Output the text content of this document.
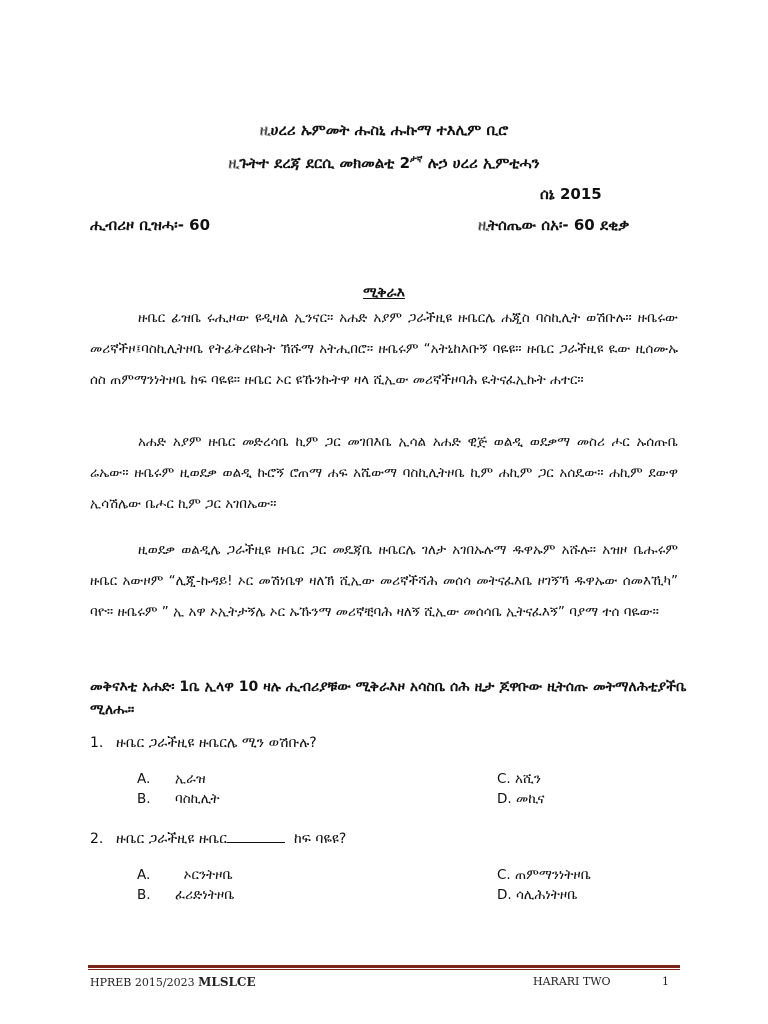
ዚሀረሪ ኡምመት ሑስኒ ሑኩማ ተእሊም ቢሮ
ዚጉትተ ደረጃ ደርሲ መክመልቲ $2^{ታኛ}$ ሉኃ ሀረሪ ኢምቲሓን
ሰኔ 2015
ሒብሪዞ ቢዝሓ፡- 60	ዚትሰጤው ሰአ፡- 60 ደቂቃ
ሚቅራእ
ዙቤር ፊዝቤ ሩሒዞው ዩዲዛል ኢንናር። አሐድ አያም ጋራችዚዩ ዙቤርሌ ሐጂስ ባስኪሊት ወሽቡሉ። ዙቤሩው መሪኛችዞ፤ባስኪሊትዞቤ የትፊቅረዩኩት ኽሹማ አትሒበሮ። ዙቤሩም “አትኒከእቡኝ ባዬዩ። ዙቤር ጋራችዚዩ ዪው ዚሰሙኡ ሰስ ጠምማንነትዞቤ ከፍ ባዬዩ። ዙቤር ኦር ዩኹንኩትዋ ዛላ ሺኢው መሪኛችዞባሕ ዪትናፈኢኩት ሐተር።
አሐድ አያም ዙቤር መድረሳቤ ኪም ጋር መገበእቤ ኢሳል አሐድ ዊጅ ወልዲ ወደቃማ መስሪ ሖር ኡሰጡቤ ሬኤው። ዙቤሩም ዚወደቃ ወልዲ ኩሮኝ ሮጠማ ሐፍ አሼውማ ባስኪሊትዞቤ ኪም ሐኪም ጋር አሰዴው። ሐኪም ደውዋ ኢሳሽሌው ቤሖር ኪም ጋር አገበኤው።
ዚወደቃ ወልዲሌ ጋራችዚዩ ዙቤር ጋር መዴጃቤ ዙቤርሌ ገለታ አገበኡሉማ ዱዋኡም አሹሉ። አዝዞ ቤሑሩም ዙቤር አውዞም “ሊጂ-ኩዳይ! ኦር መሽነቤዋ ዛለኽ ሺኢው መሪኛችሻሕ መሰሳ መትናፈእቤ ዞገኝኻ ዱዋኡው ሰመእኺካ” ባዮ። ዙቤሩም ” ኢ አዋ ኦኢትታኝሌ ኦር ኡኹንማ መሪኛቺባሕ ዛለኝ ሺኢው መሰሳቤ ኢትናፈእኝ” ባያማ ተሰ ባዬው።
መቅናእቲ አሐድ፡ 1ቤ ኢላዋ 10 ዛሉ ሒብሪያቹው ሚቅራእዞ አሳስቤ ሰሕ ዚታ ጆዋቡው ዚትሰጡ መትማለሕቲያችቤ ሚለሑ።
1. ዙቤር ጋራችዚዩ ዙቤርሌ ሚን ወሽቡሉ?
A. ኢራዝ
B. ባስኪሊት
C. አሺን
D. መኪና
2. ዙቤር ጋራችዚዩ ዙቤር	ከፍ ባዬዩ?
A. ኦርንትዞቤ
B. ፈሪድነትዞቤ
C. ጠምማንነትዞቤ
D. ሳሊሕነትዞቤ
HPREB 2015/2023 MLSLCE	HARARI TWO	1
